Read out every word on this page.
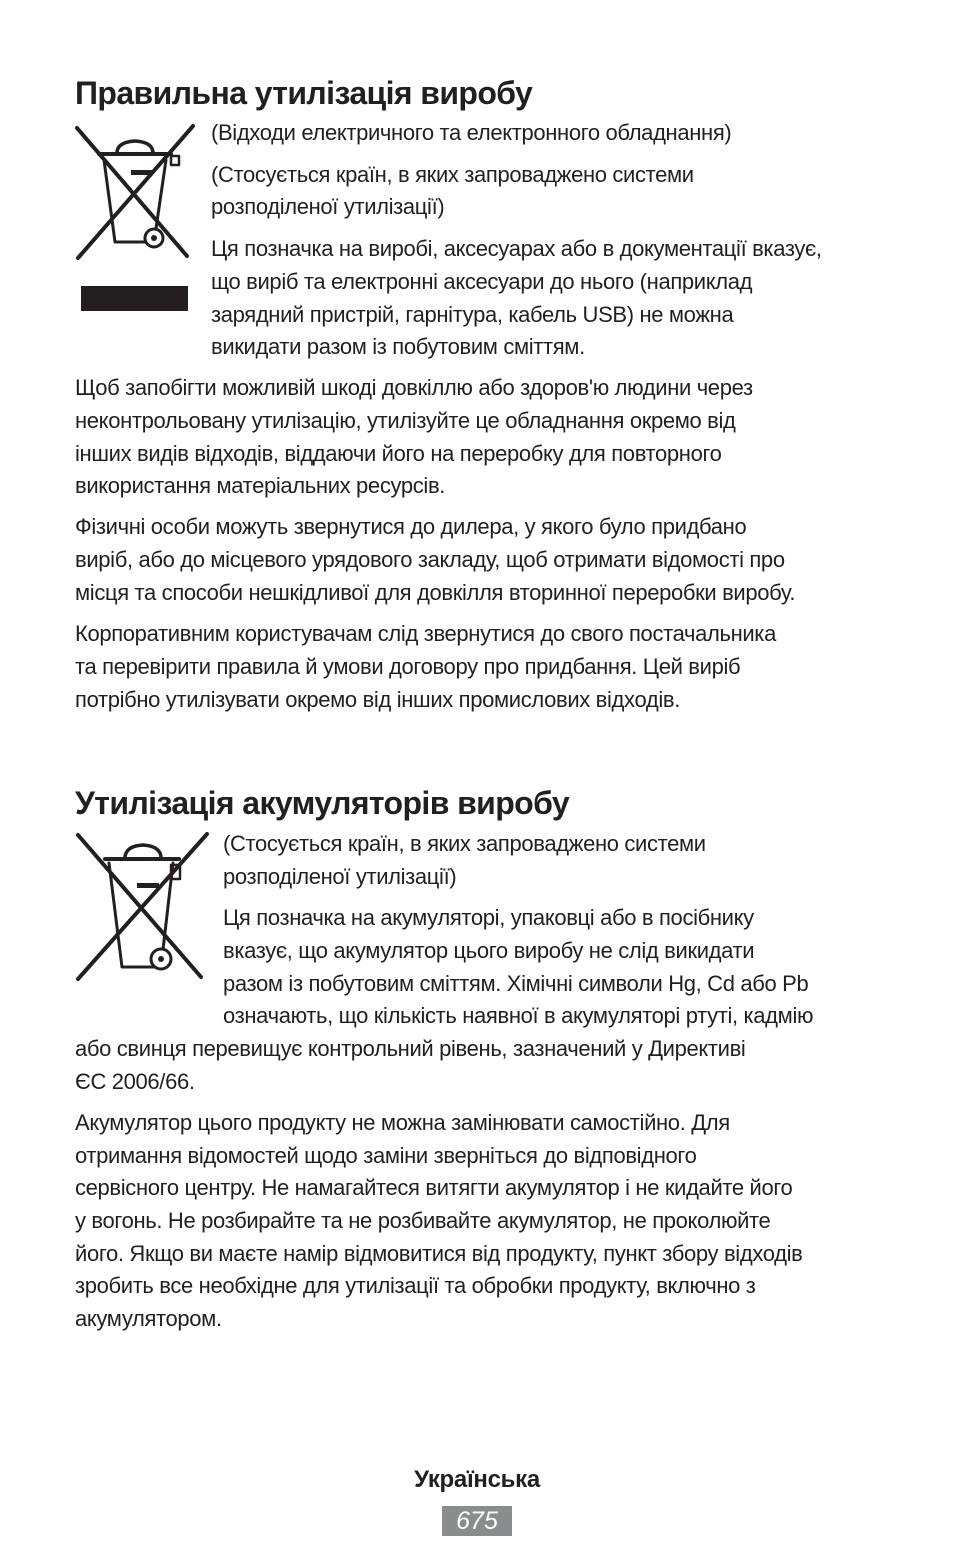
Правильна утилізація виробу

(Відходи електричного та електронного обладнання)

(Стосується країн, в яких запроваджено системи

розподіленої утилізації)

Ця позначка на виробі, аксесуарах або в документації вказує,

що виріб та електронні аксесуари до нього (наприклад

зарядний пристрій, гарнітура, кабель USB) не можна

викидати разом із побутовим сміттям.

Щоб запобігти можливій шкоді довкіллю або здоров'ю людини через

неконтрольовану утилізацію, утилізуйте це обладнання окремо від

інших видів відходів, віддаючи його на переробку для повторного

використання матеріальних ресурсів.

Фізичні особи можуть звернутися до дилера, у якого було придбано

виріб, або до місцевого урядового закладу, щоб отримати відомості про

місця та способи нешкідливої для довкілля вторинної переробки виробу.

Корпоративним користувачам слід звернутися до свого постачальника

та перевірити правила й умови договору про придбання. Цей виріб

потрібно утилізувати окремо від інших промислових відходів.

Утилізація акумуляторів виробу

(Стосується країн, в яких запроваджено системи

розподіленої утилізації)

Ця позначка на акумуляторі, упаковці або в посібнику

вказує, що акумулятор цього виробу не слід викидати

разом із побутовим сміттям. Хімічні символи Hg, Cd або Pb

означають, що кількість наявної в акумуляторі ртуті, кадмію

або свинця перевищує контрольний рівень, зазначений у Директиві

ЄС 2006/66.

Акумулятор цього продукту не можна замінювати самостійно. Для

отримання відомостей щодо заміни зверніться до відповідного

сервісного центру. Не намагайтеся витягти акумулятор і не кидайте його

у вогонь. Не розбирайте та не розбивайте акумулятор, не проколюйте

його. Якщо ви маєте намір відмовитися від продукту, пункт збору відходів

зробить все необхідне для утилізації та обробки продукту, включно з

акумулятором.

Українська
675
